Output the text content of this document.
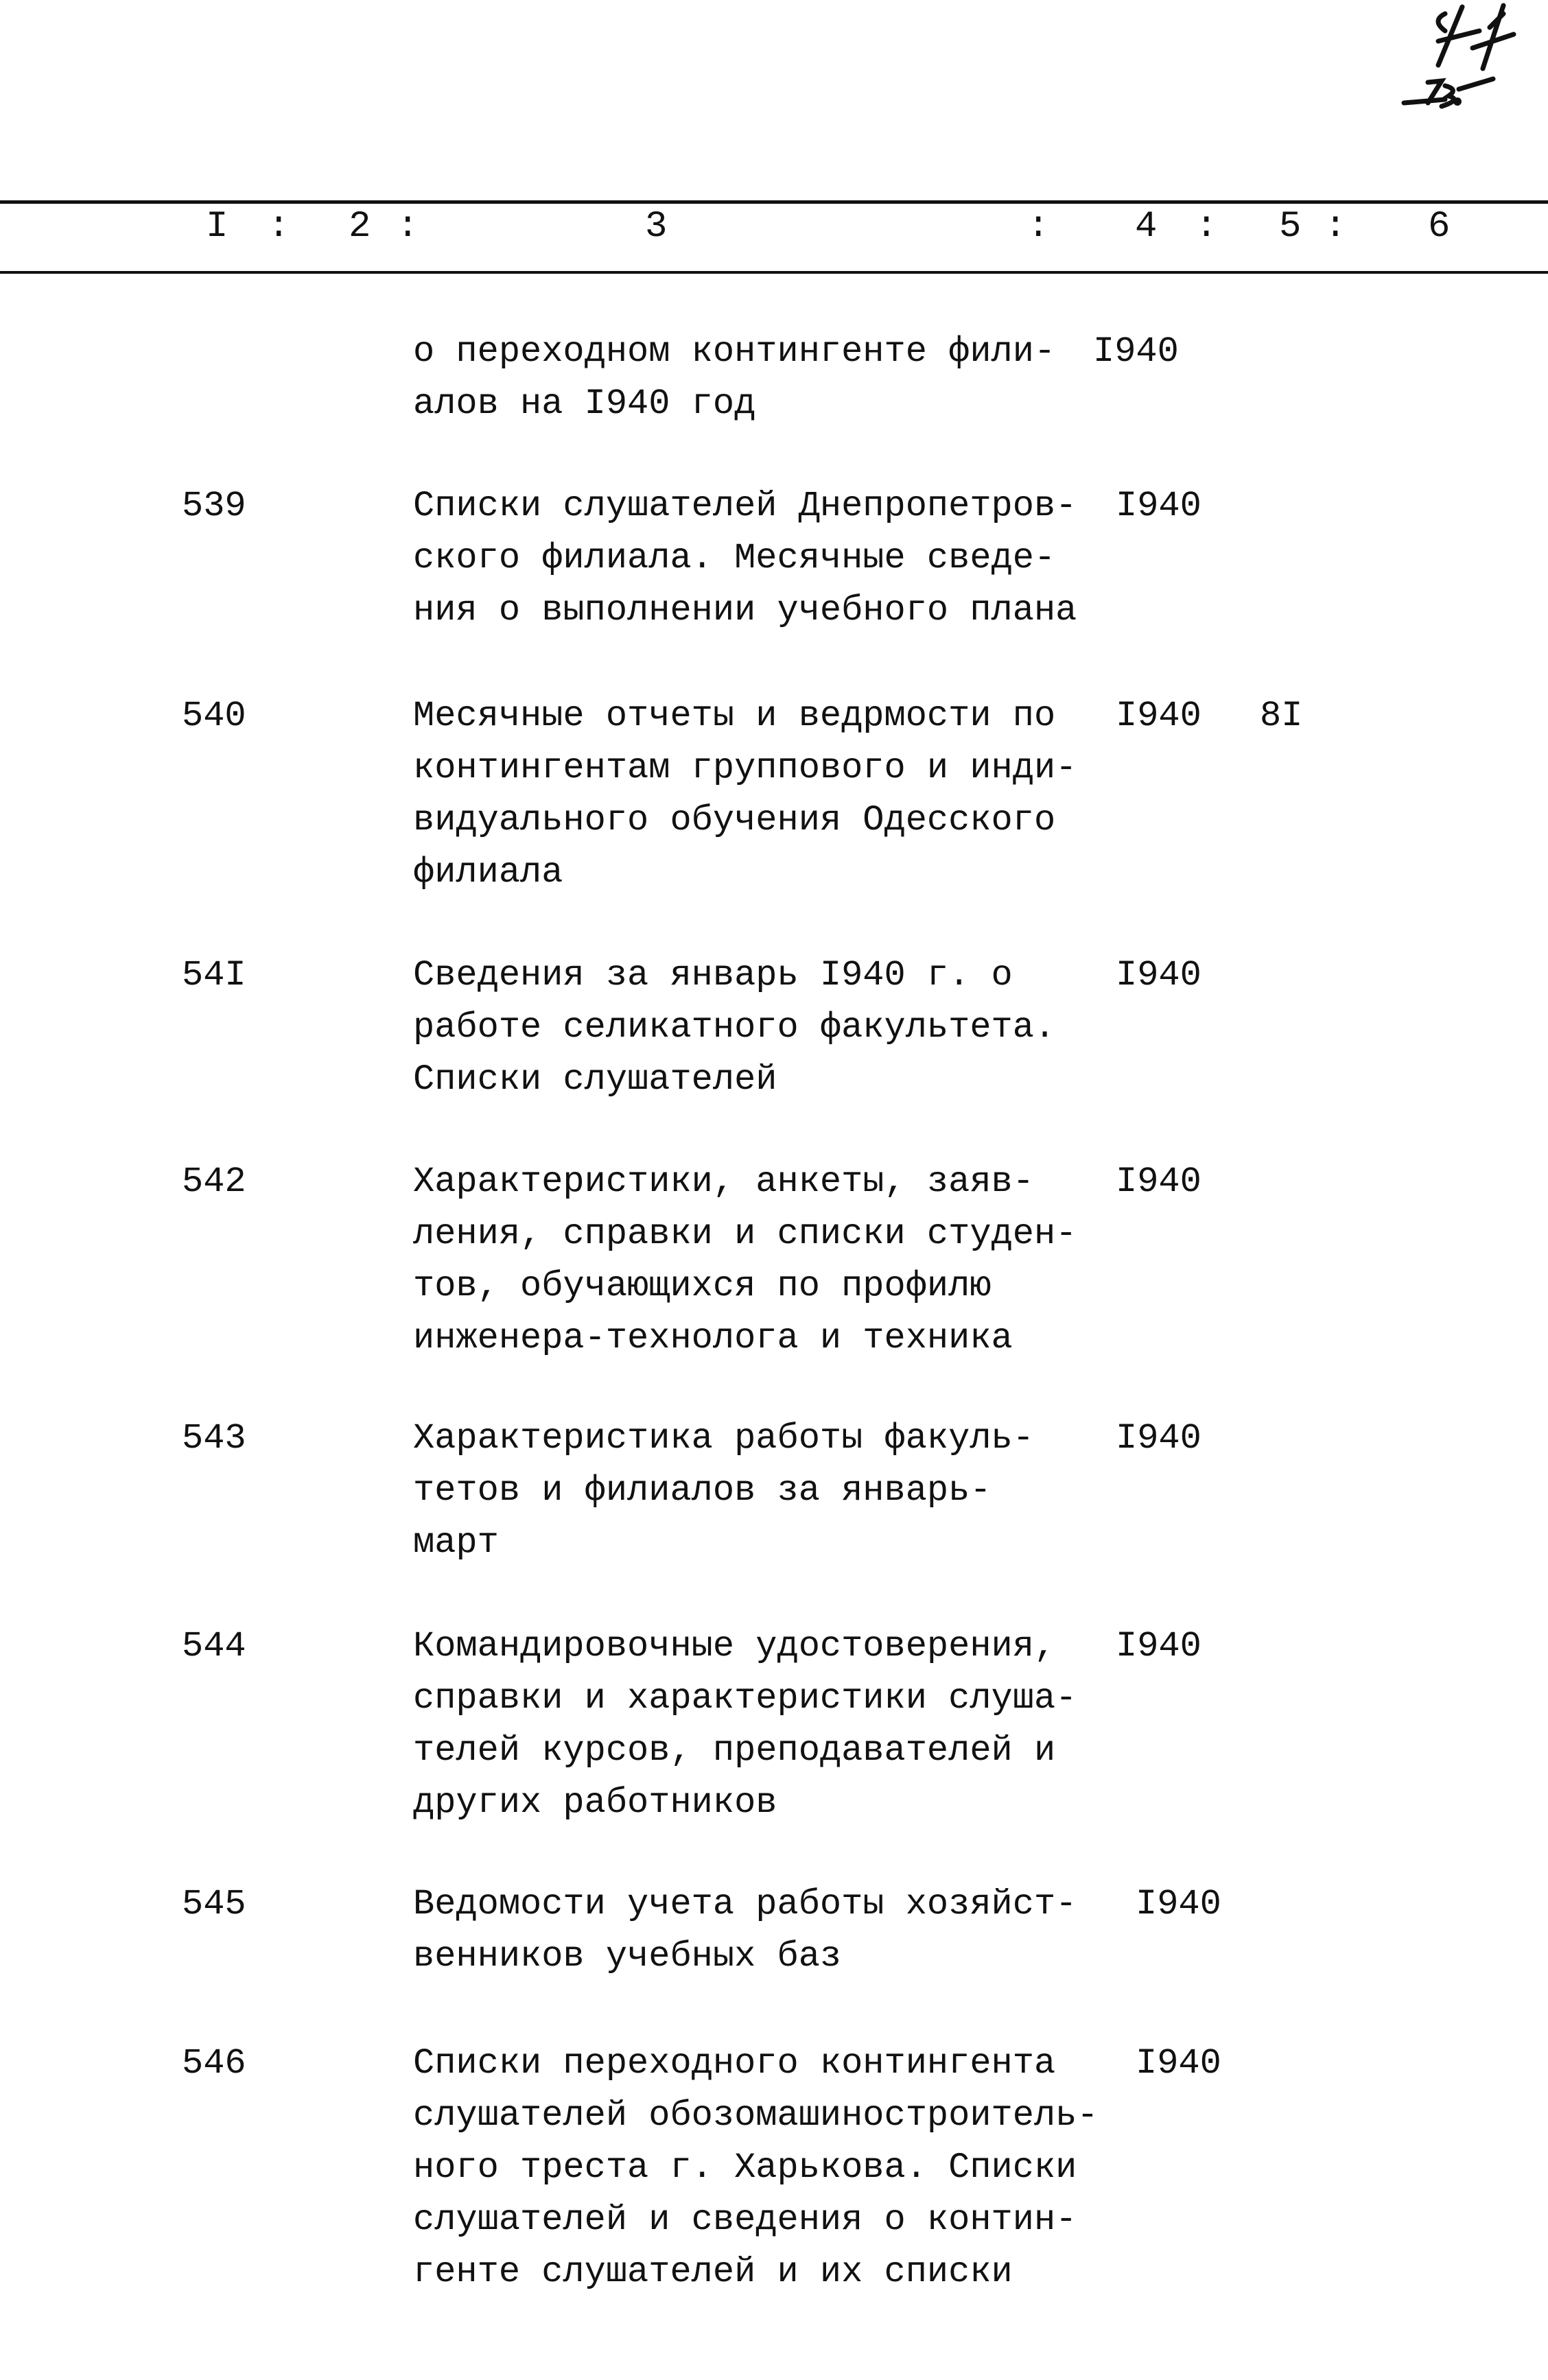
I : 2 :	3	: 4 : 5 : 6
о переходном контингенте фили-
алов на I940 год
I940
539	Списки слушателей Днепропетров-
ского филиала. Месячные сведе-
ния о выполнении учебного плана
I940
540	Месячные отчеты и ведрмости по
контингентам группового и инди-
видуального обучения Одесского
филиала
I940 8I
54I	Сведения за январь I940 г. о
работе селикатного факультета.
Списки слушателей
I940
542	Характеристики, анкеты, заяв-
ления, справки и списки студен-
тов, обучающихся по профилю
инженера-технолога и техника
I940
543	Характеристика работы факуль-
тетов и филиалов за январь-
март
I940
544	Командировочные удостоверения,
справки и характеристики слуша-
телей курсов, преподавателей и
других работников
I940
545	Ведомости учета работы хозяйст-
венников учебных баз
I940
546	Списки переходного контингента
слушателей обозомашиностроитель-
ного треста г. Харькова. Списки
слушателей и сведения о контин-
генте слушателей и их списки
I940
